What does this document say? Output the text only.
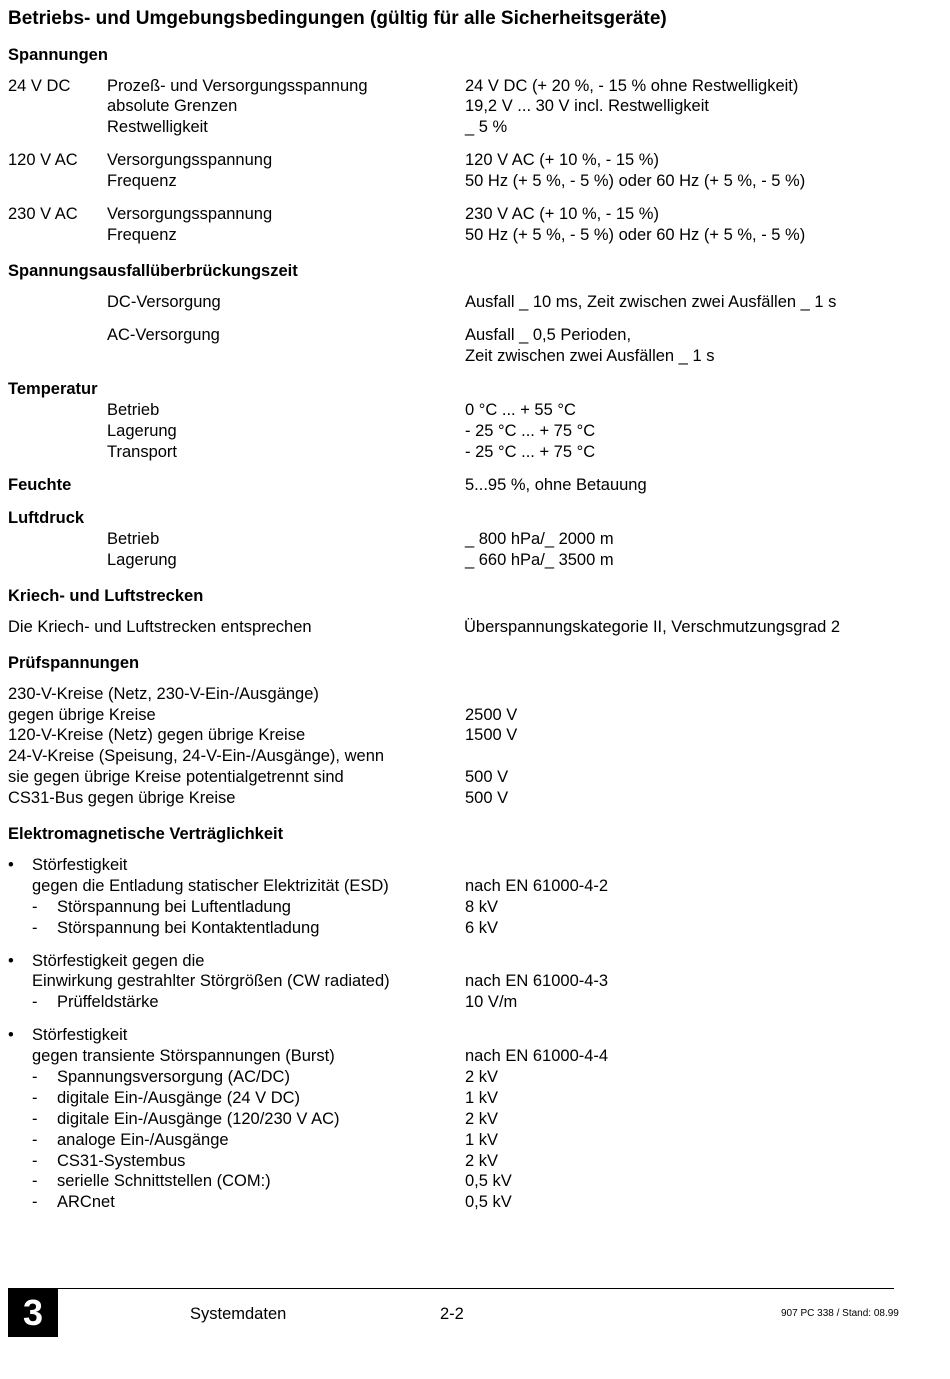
Betriebs- und Umgebungsbedingungen (gültig für alle Sicherheitsgeräte)
Spannungen
24 V DC Prozeß- und Versorgungsspannung	24 V DC (+ 20 %, - 15 % ohne Restwelligkeit)
absolute Grenzen	19,2 V ... 30 V incl. Restwelligkeit
Restwelligkeit	_ 5 %
120 V AC Versorgungsspannung	120 V AC (+ 10 %, - 15 %)
Frequenz	50 Hz (+ 5 %, - 5 %) oder 60 Hz (+ 5 %, - 5 %)
230 V AC Versorgungsspannung	230 V AC (+ 10 %, - 15 %)
Frequenz	50 Hz (+ 5 %, - 5 %) oder 60 Hz (+ 5 %, - 5 %)
Spannungsausfallüberbrückungszeit
DC-Versorgung	Ausfall _ 10 ms, Zeit zwischen zwei Ausfällen _ 1 s
AC-Versorgung	Ausfall _ 0,5 Perioden,
Zeit zwischen zwei Ausfällen _ 1 s
Temperatur
Betrieb	0 °C ... + 55 °C
Lagerung	- 25 °C ... + 75 °C
Transport	- 25 °C ... + 75 °C
Feuchte	5...95 %, ohne Betauung
Luftdruck
Betrieb	_ 800 hPa/_ 2000 m
Lagerung	_ 660 hPa/_ 3500 m
Kriech- und Luftstrecken
Die Kriech- und Luftstrecken entsprechen	Überspannungskategorie II, Verschmutzungsgrad 2
Prüfspannungen
230-V-Kreise (Netz, 230-V-Ein-/Ausgänge)
gegen übrige Kreise	2500 V
120-V-Kreise (Netz) gegen übrige Kreise	1500 V
24-V-Kreise (Speisung, 24-V-Ein-/Ausgänge), wenn
sie gegen übrige Kreise potentialgetrennt sind	500 V
CS31-Bus gegen übrige Kreise	500 V
Elektromagnetische Verträglichkeit
• Störfestigkeit
gegen die Entladung statischer Elektrizität (ESD)	nach EN 61000-4-2
- Störspannung bei Luftentladung	8 kV
- Störspannung bei Kontaktentladung	6 kV
• Störfestigkeit gegen die
Einwirkung gestrahlter Störgrößen (CW radiated)	nach EN 61000-4-3
- Prüffeldstärke	10 V/m
• Störfestigkeit
gegen transiente Störspannungen (Burst)	nach EN 61000-4-4
- Spannungsversorgung (AC/DC)	2 kV
- digitale Ein-/Ausgänge (24 V DC)	1 kV
- digitale Ein-/Ausgänge (120/230 V AC)	2 kV
- analoge Ein-/Ausgänge	1 kV
- CS31-Systembus	2 kV
- serielle Schnittstellen (COM:)	0,5 kV
- ARCnet	0,5 kV
3	Systemdaten	2-2	907 PC 338 / Stand: 08.99
